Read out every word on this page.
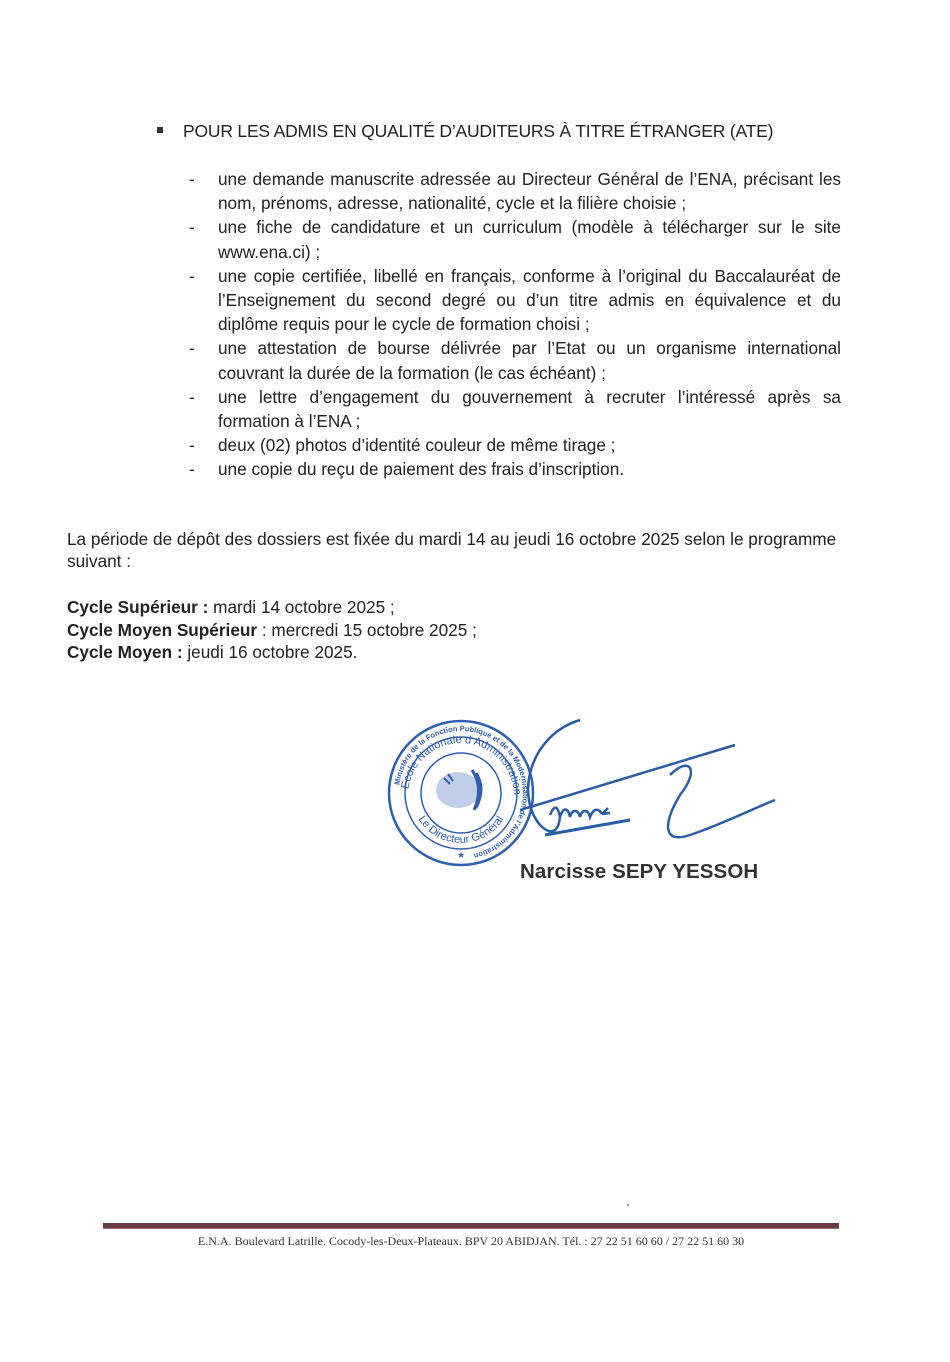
POUR LES ADMIS EN QUALITÉ D’AUDITEURS À TITRE ÉTRANGER (ATE)
- une demande manuscrite adressée au Directeur Général de l’ENA, précisant les nom, prénoms, adresse, nationalité, cycle et la filière choisie ;
- une fiche de candidature et un curriculum (modèle à télécharger sur le site www.ena.ci) ;
- une copie certifiée, libellé en français, conforme à l’original du Baccalauréat de l’Enseignement du second degré ou d’un titre admis en équivalence et du diplôme requis pour le cycle de formation choisi ;
- une attestation de bourse délivrée par l’Etat ou un organisme international couvrant la durée de la formation (le cas échéant) ;
- une lettre d’engagement du gouvernement à recruter l’intéressé après sa formation à l’ENA ;
- deux (02) photos d’identité couleur de même tirage ;
- une copie du reçu de paiement des frais d’inscription.

La période de dépôt des dossiers est fixée du mardi 14 au jeudi 16 octobre 2025 selon le programme suivant :

Cycle Supérieur : mardi 14 octobre 2025 ;
Cycle Moyen Supérieur : mercredi 15 octobre 2025 ;
Cycle Moyen : jeudi 16 octobre 2025.
Ministère de la Fonction Publique et de la Modernisation de l’Administration
Ecole Nationale d Administration
Le Directeur Général
★
Narcisse SEPY YESSOH
E.N.A. Boulevard Latrille. Cocody-les-Deux-Plateaux. BPV 20 ABIDJAN. Tél. : 27 22 51 60 60 / 27 22 51 60 30
